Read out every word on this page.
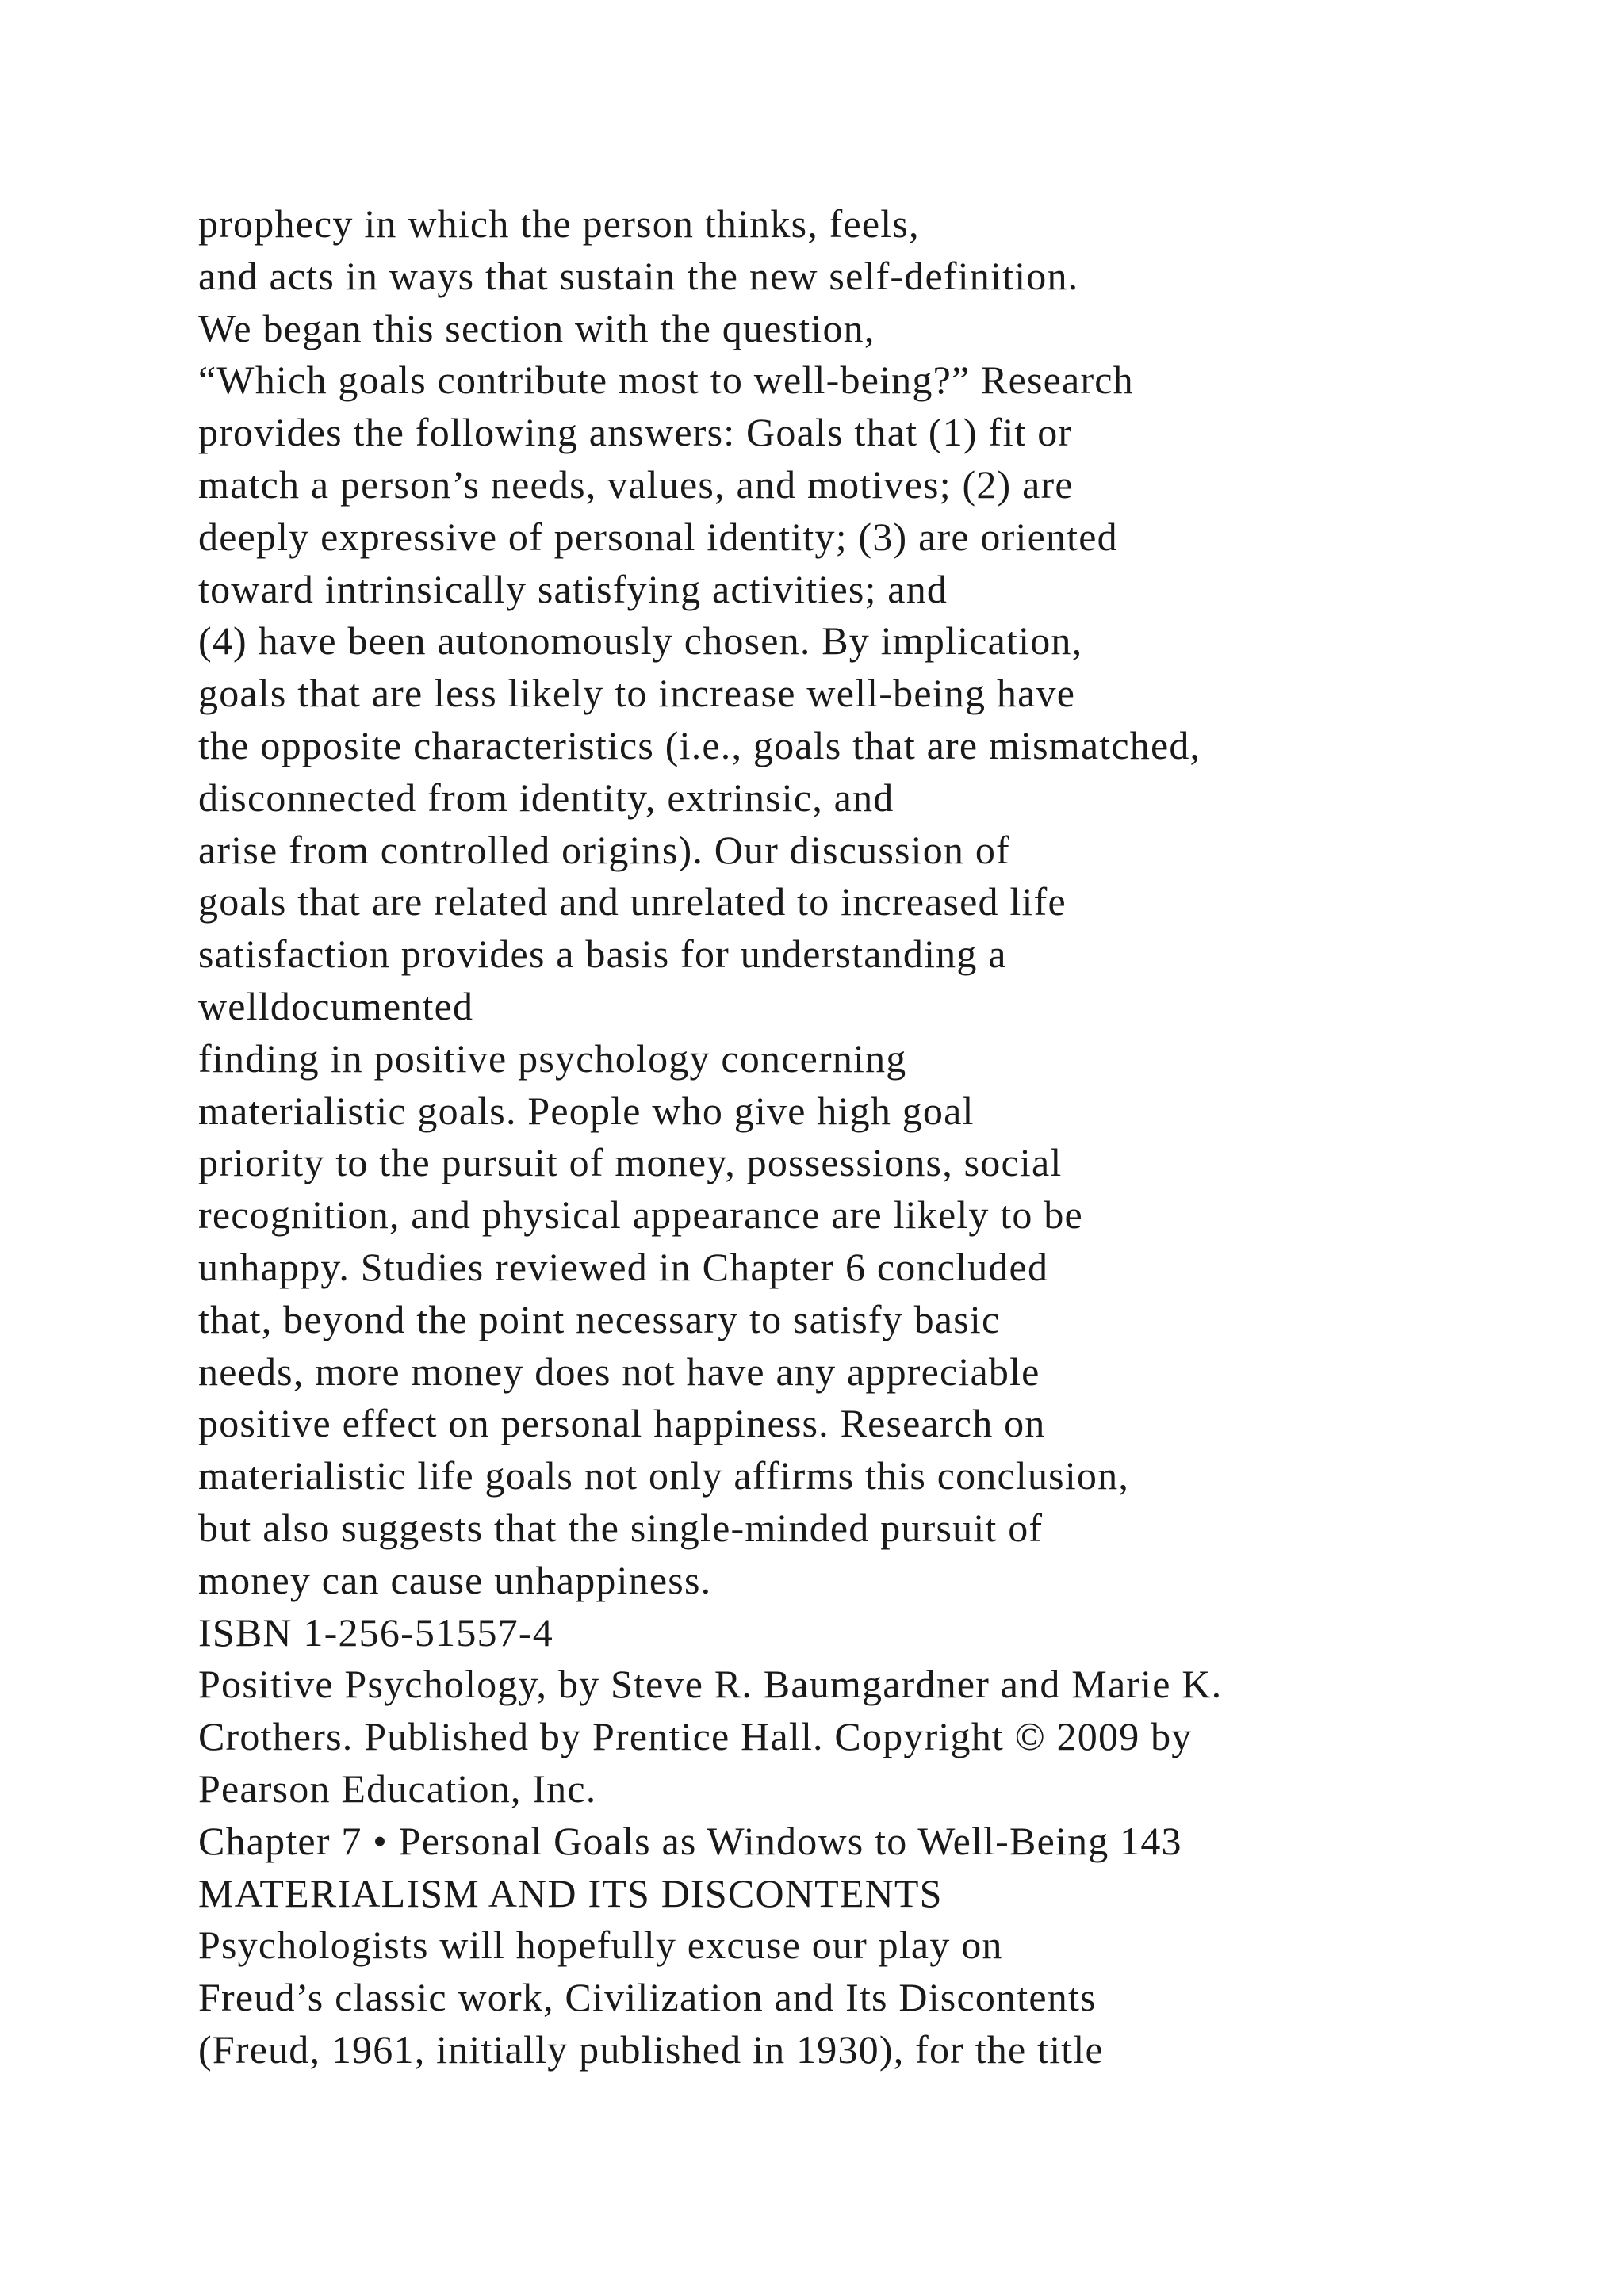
prophecy in which the person thinks, feels,
and acts in ways that sustain the new self-definition.
We began this section with the question,
“Which goals contribute most to well-being?” Research
provides the following answers: Goals that (1) fit or
match a person’s needs, values, and motives; (2) are
deeply expressive of personal identity; (3) are oriented
toward intrinsically satisfying activities; and
(4) have been autonomously chosen. By implication,
goals that are less likely to increase well-being have
the opposite characteristics (i.e., goals that are mismatched,
disconnected from identity, extrinsic, and
arise from controlled origins). Our discussion of
goals that are related and unrelated to increased life
satisfaction provides a basis for understanding a
welldocumented
finding in positive psychology concerning
materialistic goals. People who give high goal
priority to the pursuit of money, possessions, social
recognition, and physical appearance are likely to be
unhappy. Studies reviewed in Chapter 6 concluded
that, beyond the point necessary to satisfy basic
needs, more money does not have any appreciable
positive effect on personal happiness. Research on
materialistic life goals not only affirms this conclusion,
but also suggests that the single-minded pursuit of
money can cause unhappiness.
ISBN 1-256-51557-4
Positive Psychology, by Steve R. Baumgardner and Marie K.
Crothers. Published by Prentice Hall. Copyright © 2009 by
Pearson Education, Inc.
Chapter 7 • Personal Goals as Windows to Well-Being 143
MATERIALISM AND ITS DISCONTENTS
Psychologists will hopefully excuse our play on
Freud’s classic work, Civilization and Its Discontents
(Freud, 1961, initially published in 1930), for the title
